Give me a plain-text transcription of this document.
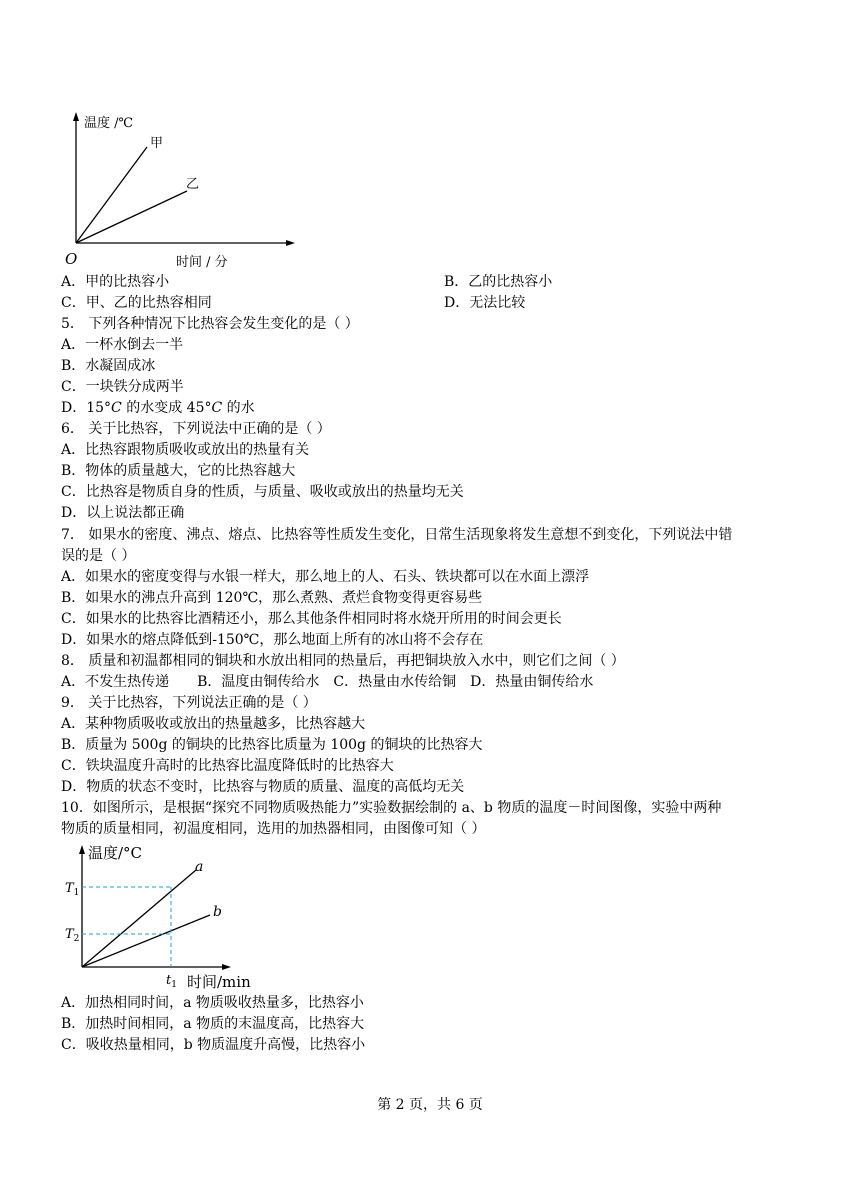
温度 /℃
时间 / 分
O
甲
乙
A．甲的比热容小	B．乙的比热容小
C．甲、乙的比热容相同	D．无法比较
5． 下列各种情况下比热容会发生变化的是（ ）
A．一杯水倒去一半
B．水凝固成冰
C．一块铁分成两半
D．15°C 的水变成 45°C 的水
6． 关于比热容，下列说法中正确的是（ ）
A．比热容跟物质吸收或放出的热量有关
B．物体的质量越大，它的比热容越大
C．比热容是物质自身的性质，与质量、吸收或放出的热量均无关
D．以上说法都正确
7． 如果水的密度、沸点、熔点、比热容等性质发生变化，日常生活现象将发生意想不到变化，下列说法中错
误的是（ ）
A．如果水的密度变得与水银一样大，那么地上的人、石头、铁块都可以在水面上漂浮
B．如果水的沸点升高到 120℃，那么煮熟、煮烂食物变得更容易些
C．如果水的比热容比酒精还小，那么其他条件相同时将水烧开所用的时间会更长
D．如果水的熔点降低到-150℃，那么地面上所有的冰山将不会存在
8． 质量和初温都相同的铜块和水放出相同的热量后，再把铜块放入水中，则它们之间（ ）
A．不发生热传递 B．温度由铜传给水 C．热量由水传给铜 D．热量由铜传给水
9． 关于比热容，下列说法正确的是（ ）
A．某种物质吸收或放出的热量越多，比热容越大
B．质量为 500g 的铜块的比热容比质量为 100g 的铜块的比热容大
C．铁块温度升高时的比热容比温度降低时的比热容大
D．物质的状态不变时，比热容与物质的质量、温度的高低均无关
10．如图所示，是根据“探究不同物质吸热能力”实验数据绘制的 a、b 物质的温度－时间图像，实验中两种
物质的质量相同，初温度相同，选用的加热器相同，由图像可知（ ）
温度/°C
时间/min
a
b
$T_1$
$T_2$
$t_1$
A．加热相同时间，a 物质吸收热量多，比热容小
B．加热时间相同，a 物质的末温度高，比热容大
C．吸收热量相同，b 物质温度升高慢，比热容小
第 2 页，共 6 页
